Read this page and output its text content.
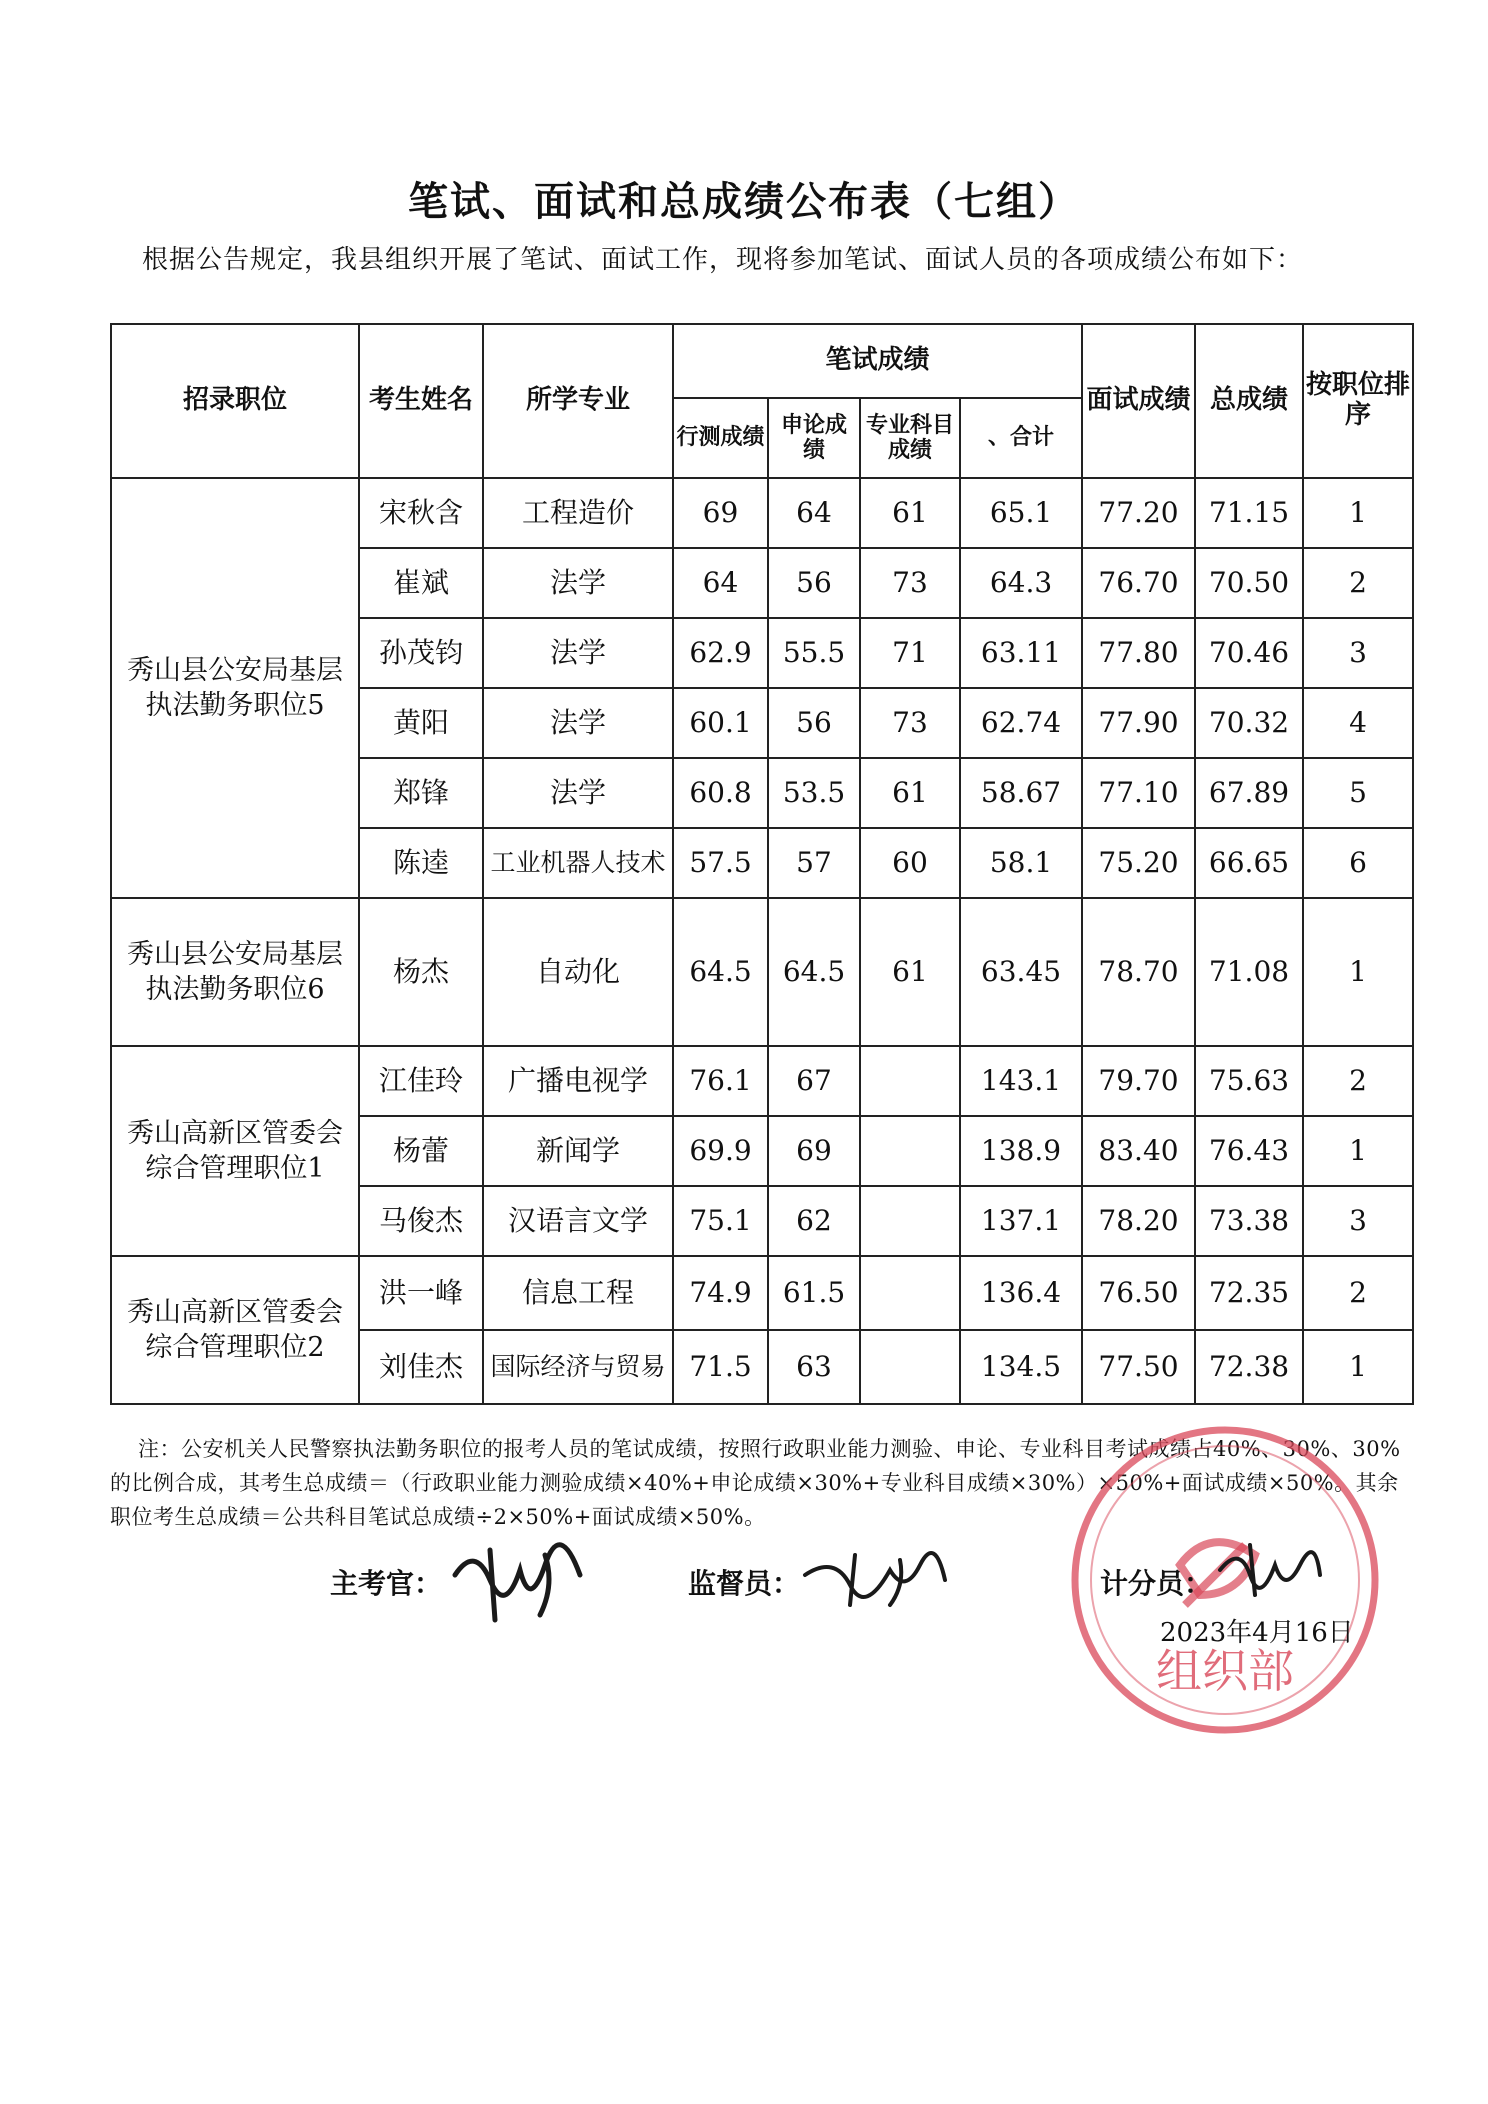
笔试、面试和总成绩公布表（七组）
根据公告规定，我县组织开展了笔试、面试工作，现将参加笔试、面试人员的各项成绩公布如下：
招录职位	考生姓名	所学专业	笔试成绩				面试成绩	总成绩	按职位排序
			行测成绩	申论成绩	专业科目成绩	、合计			
秀山县公安局基层执法勤务职位5	宋秋含	工程造价	69	64	61	65.1	77.20	71.15	1
	崔斌	法学	64	56	73	64.3	76.70	70.50	2
	孙茂钧	法学	62.9	55.5	71	63.11	77.80	70.46	3
	黄阳	法学	60.1	56	73	62.74	77.90	70.32	4
	郑锋	法学	60.8	53.5	61	58.67	77.10	67.89	5
	陈逵	工业机器人技术	57.5	57	60	58.1	75.20	66.65	6
秀山县公安局基层执法勤务职位6	杨杰	自动化	64.5	64.5	61	63.45	78.70	71.08	1
秀山高新区管委会综合管理职位1	江佳玲	广播电视学	76.1	67		143.1	79.70	75.63	2
	杨蕾	新闻学	69.9	69		138.9	83.40	76.43	1
	马俊杰	汉语言文学	75.1	62		137.1	78.20	73.38	3
秀山高新区管委会综合管理职位2	洪一峰	信息工程	74.9	61.5		136.4	76.50	72.35	2
	刘佳杰	国际经济与贸易	71.5	63		134.5	77.50	72.38	1
注：公安机关人民警察执法勤务职位的报考人员的笔试成绩，按照行政职业能力测验、申论、专业科目考试成绩占40%、30%、30%的比例合成，其考生总成绩＝（行政职业能力测验成绩×40%+申论成绩×30%+专业科目成绩×30%）×50%+面试成绩×50%。其余职位考生总成绩＝公共科目笔试总成绩÷2×50%+面试成绩×50%。
组织部
主考官：	监督员：	计分员：
2023年4月16日
